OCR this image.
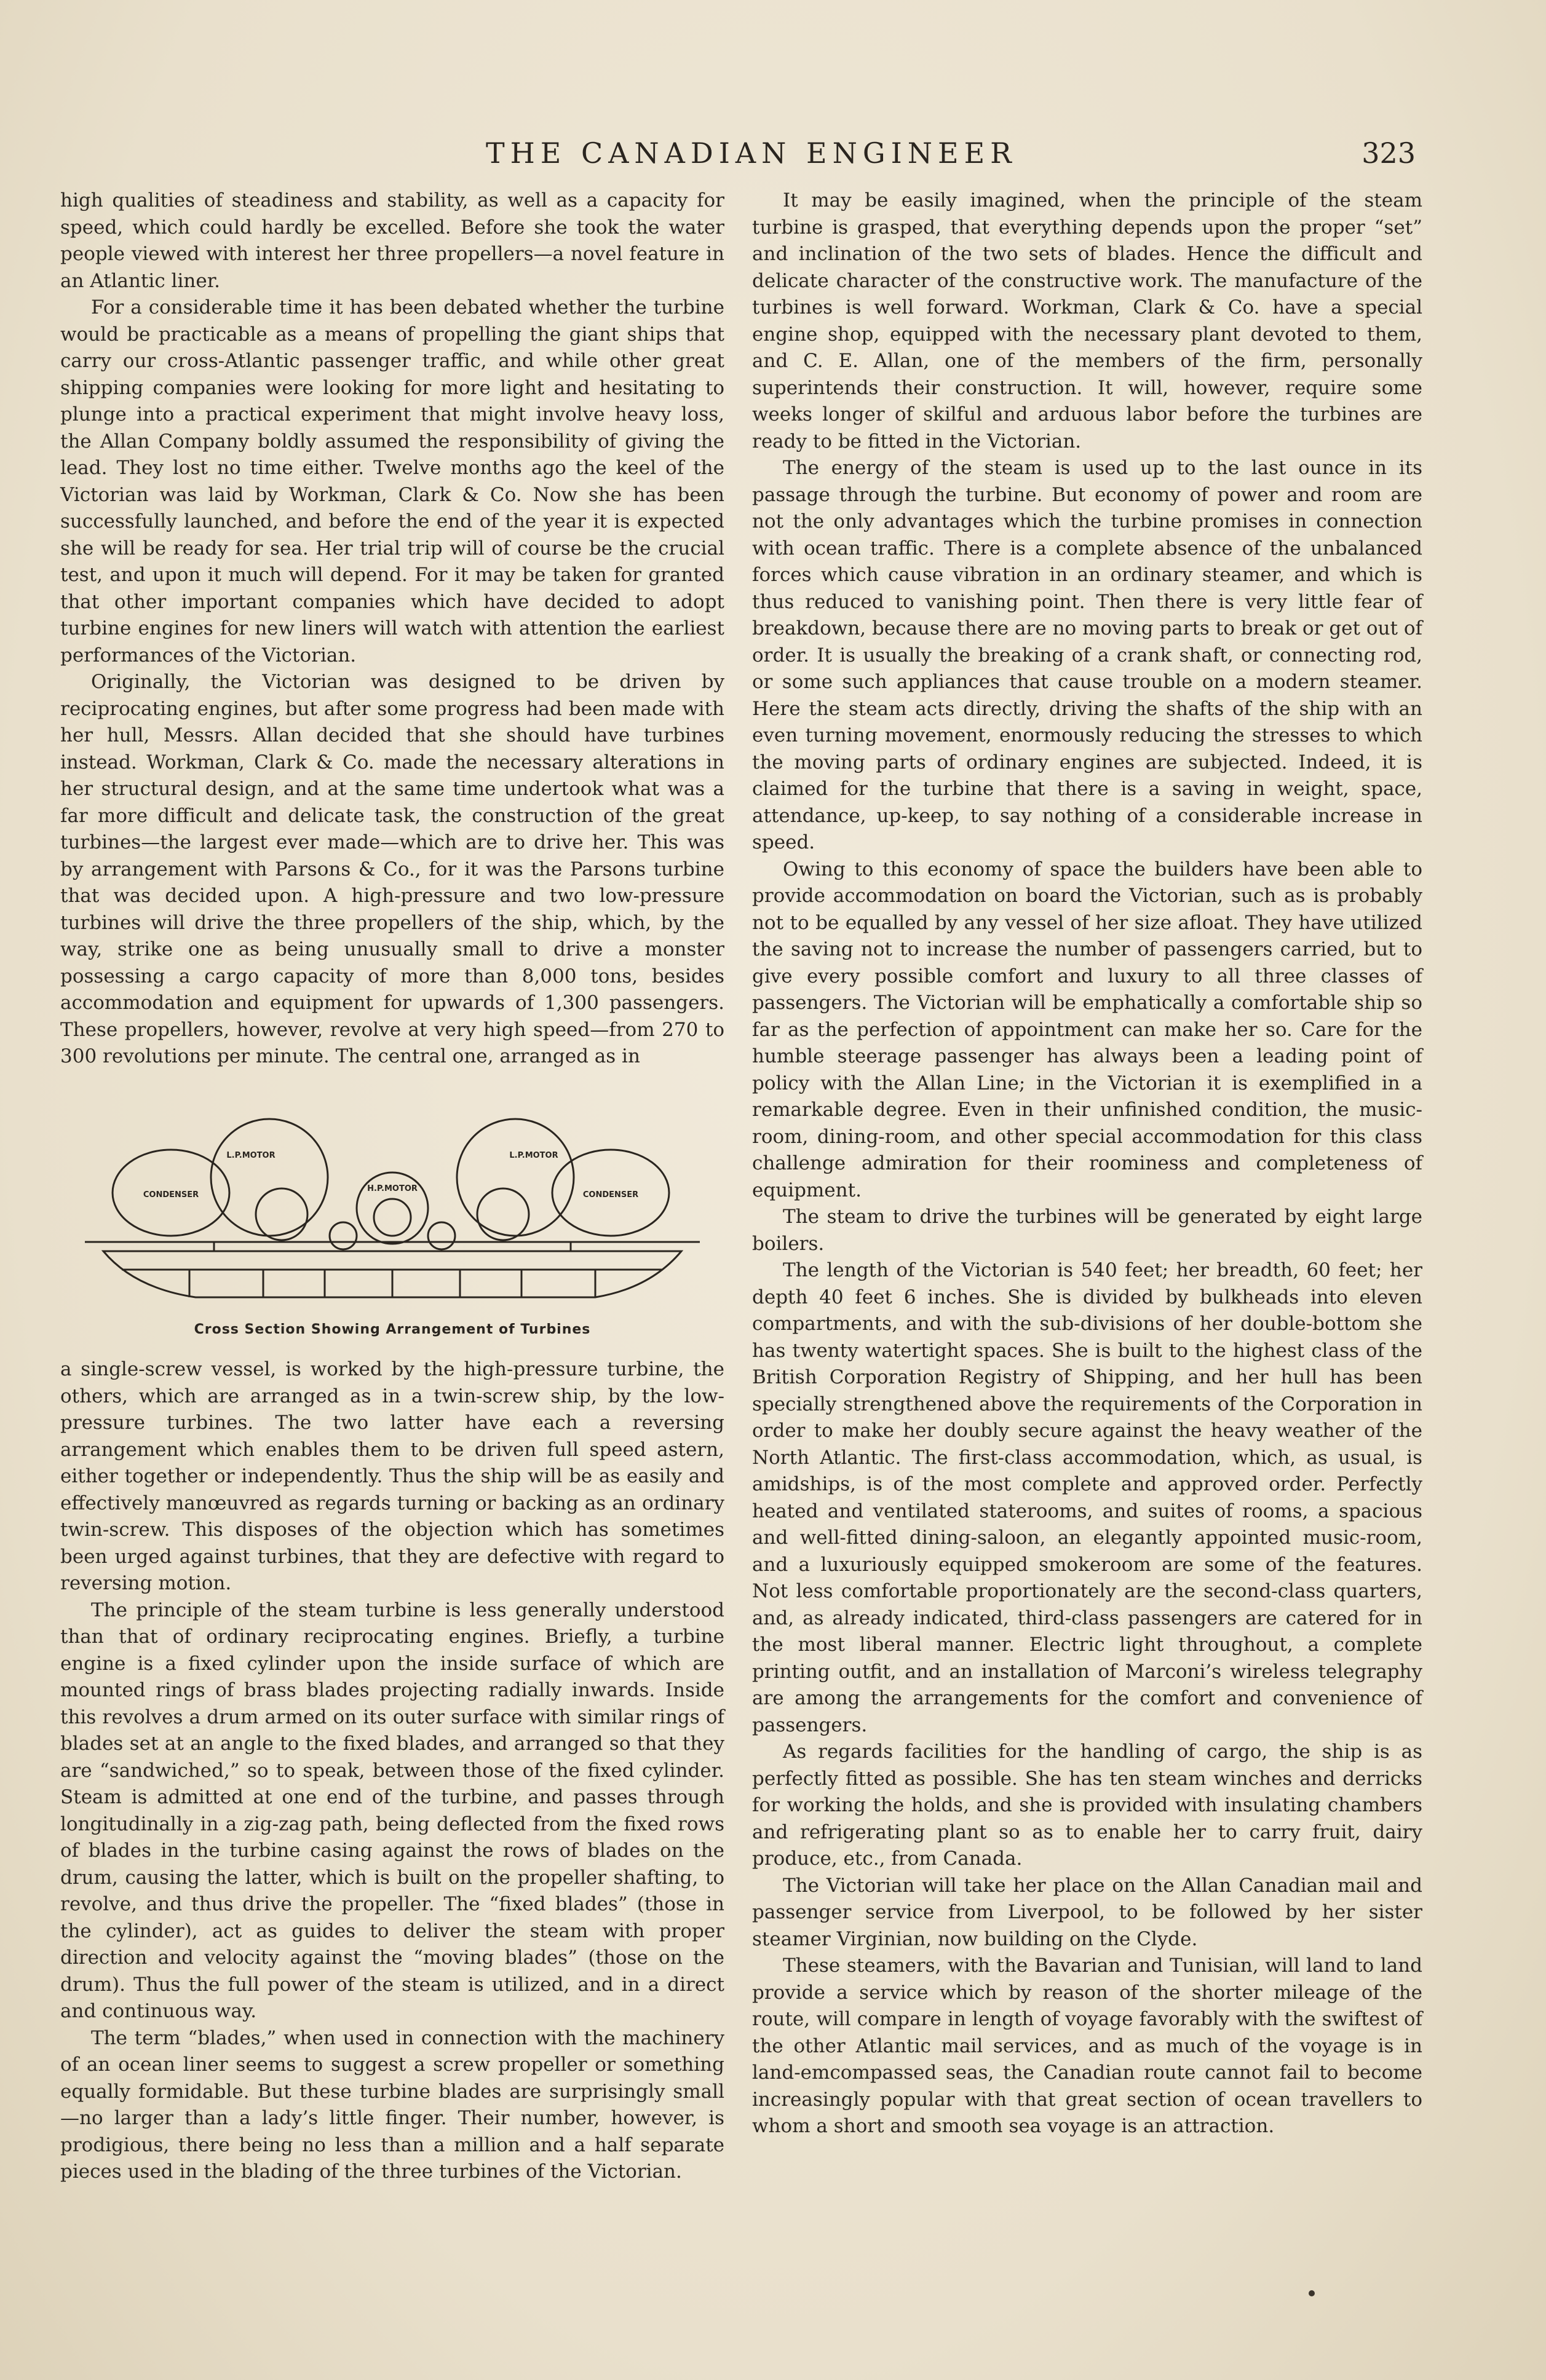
THE CANADIAN ENGINEER	323

high qualities of steadiness and stability, as well as a capacity for speed, which could hardly be excelled. Before she took the water people viewed with interest her three propellers—a novel feature in an Atlantic liner.

For a considerable time it has been debated whether the turbine would be practicable as a means of propelling the giant ships that carry our cross-Atlantic passenger traffic, and while other great shipping companies were looking for more light and hesitating to plunge into a practical experiment that might involve heavy loss, the Allan Company boldly assumed the responsibility of giving the lead. They lost no time either. Twelve months ago the keel of the Victorian was laid by Workman, Clark & Co. Now she has been successfully launched, and before the end of the year it is expected she will be ready for sea. Her trial trip will of course be the crucial test, and upon it much will depend. For it may be taken for granted that other important companies which have decided to adopt turbine engines for new liners will watch with attention the earliest performances of the Victorian.

Originally, the Victorian was designed to be driven by reciprocating engines, but after some progress had been made with her hull, Messrs. Allan decided that she should have turbines instead. Workman, Clark & Co. made the necessary alterations in her structural design, and at the same time undertook what was a far more difficult and delicate task, the construction of the great turbines—the largest ever made—which are to drive her. This was by arrangement with Parsons & Co., for it was the Parsons turbine that was decided upon. A high-pressure and two low-pressure turbines will drive the three propellers of the ship, which, by the way, strike one as being unusually small to drive a monster possessing a cargo capacity of more than 8,000 tons, besides accommodation and equipment for upwards of 1,300 passengers. These propellers, however, revolve at very high speed—from 270 to 300 revolutions per minute. The central one, arranged as in

CONDENSER
L.P.MOTOR
H.P.MOTOR
L.P.MOTOR
CONDENSER
Cross Section Showing Arrangement of Turbines

a single-screw vessel, is worked by the high-pressure turbine, the others, which are arranged as in a twin-screw ship, by the low-pressure turbines. The two latter have each a reversing arrangement which enables them to be driven full speed astern, either together or independently. Thus the ship will be as easily and effectively manœuvred as regards turning or backing as an ordinary twin-screw. This disposes of the objection which has sometimes been urged against turbines, that they are defective with regard to reversing motion.

The principle of the steam turbine is less generally understood than that of ordinary reciprocating engines. Briefly, a turbine engine is a fixed cylinder upon the inside surface of which are mounted rings of brass blades projecting radially inwards. Inside this revolves a drum armed on its outer surface with similar rings of blades set at an angle to the fixed blades, and arranged so that they are “sandwiched,” so to speak, between those of the fixed cylinder. Steam is admitted at one end of the turbine, and passes through longitudinally in a zig-zag path, being deflected from the fixed rows of blades in the turbine casing against the rows of blades on the drum, causing the latter, which is built on the propeller shafting, to revolve, and thus drive the propeller. The “fixed blades” (those in the cylinder), act as guides to deliver the steam with proper direction and velocity against the “moving blades” (those on the drum). Thus the full power of the steam is utilized, and in a direct and continuous way.

The term “blades,” when used in connection with the machinery of an ocean liner seems to suggest a screw propeller or something equally formidable. But these turbine blades are surprisingly small—no larger than a lady’s little finger. Their number, however, is prodigious, there being no less than a million and a half separate pieces used in the blading of the three turbines of the Victorian.

It may be easily imagined, when the principle of the steam turbine is grasped, that everything depends upon the proper “set” and inclination of the two sets of blades. Hence the difficult and delicate character of the constructive work. The manufacture of the turbines is well forward. Workman, Clark & Co. have a special engine shop, equipped with the necessary plant devoted to them, and C. E. Allan, one of the members of the firm, personally superintends their construction. It will, however, require some weeks longer of skilful and arduous labor before the turbines are ready to be fitted in the Victorian.

The energy of the steam is used up to the last ounce in its passage through the turbine. But economy of power and room are not the only advantages which the turbine promises in connection with ocean traffic. There is a complete absence of the unbalanced forces which cause vibration in an ordinary steamer, and which is thus reduced to vanishing point. Then there is very little fear of breakdown, because there are no moving parts to break or get out of order. It is usually the breaking of a crank shaft, or connecting rod, or some such appliances that cause trouble on a modern steamer. Here the steam acts directly, driving the shafts of the ship with an even turning movement, enormously reducing the stresses to which the moving parts of ordinary engines are subjected. Indeed, it is claimed for the turbine that there is a saving in weight, space, attendance, up-keep, to say nothing of a considerable increase in speed.

Owing to this economy of space the builders have been able to provide accommodation on board the Victorian, such as is probably not to be equalled by any vessel of her size afloat. They have utilized the saving not to increase the number of passengers carried, but to give every possible comfort and luxury to all three classes of passengers. The Victorian will be emphatically a comfortable ship so far as the perfection of appointment can make her so. Care for the humble steerage passenger has always been a leading point of policy with the Allan Line; in the Victorian it is exemplified in a remarkable degree. Even in their unfinished condition, the music-room, dining-room, and other special accommodation for this class challenge admiration for their roominess and completeness of equipment.

The steam to drive the turbines will be generated by eight large boilers.

The length of the Victorian is 540 feet; her breadth, 60 feet; her depth 40 feet 6 inches. She is divided by bulkheads into eleven compartments, and with the sub-divisions of her double-bottom she has twenty watertight spaces. She is built to the highest class of the British Corporation Registry of Shipping, and her hull has been specially strengthened above the requirements of the Corporation in order to make her doubly secure against the heavy weather of the North Atlantic. The first-class accommodation, which, as usual, is amidships, is of the most complete and approved order. Perfectly heated and ventilated staterooms, and suites of rooms, a spacious and well-fitted dining-saloon, an elegantly appointed music-room, and a luxuriously equipped smokeroom are some of the features. Not less comfortable proportionately are the second-class quarters, and, as already indicated, third-class passengers are catered for in the most liberal manner. Electric light throughout, a complete printing outfit, and an installation of Marconi’s wireless telegraphy are among the arrangements for the comfort and convenience of passengers.

As regards facilities for the handling of cargo, the ship is as perfectly fitted as possible. She has ten steam winches and derricks for working the holds, and she is provided with insulating chambers and refrigerating plant so as to enable her to carry fruit, dairy produce, etc., from Canada.

The Victorian will take her place on the Allan Canadian mail and passenger service from Liverpool, to be followed by her sister steamer Virginian, now building on the Clyde.

These steamers, with the Bavarian and Tunisian, will land to land provide a service which by reason of the shorter mileage of the route, will compare in length of voyage favorably with the swiftest of the other Atlantic mail services, and as much of the voyage is in land-emcompassed seas, the Canadian route cannot fail to become increasingly popular with that great section of ocean travellers to whom a short and smooth sea voyage is an attraction.
